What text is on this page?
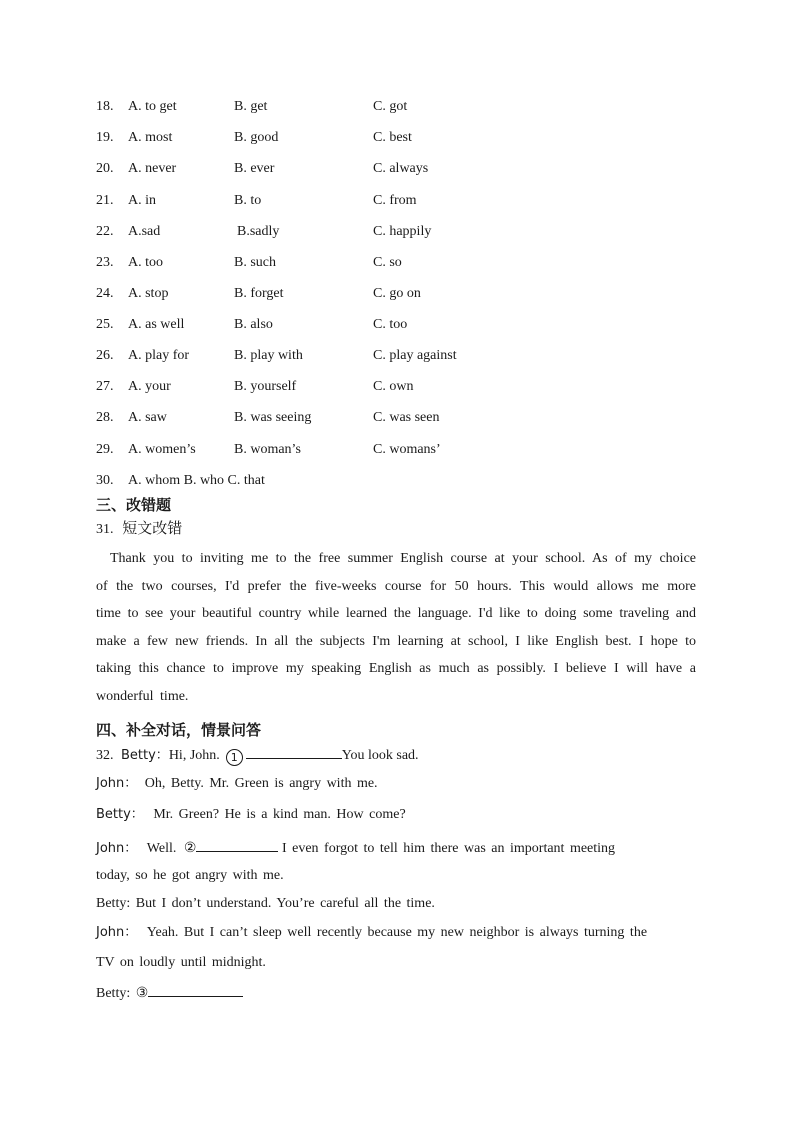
18. A. to get	B. get	C. got
19. A. most	B. good	C. best
20. A. never	B. ever	C. always
21. A. in	B. to	C. from
22. A.sad	B.sadly	C. happily
23. A. too	B. such	C. so
24. A. stop	B. forget	C. go on
25. A. as well	B. also	C. too
26. A. play for	B. play with	C. play against
27. A. your	B. yourself	C. own
28. A. saw	B. was seeing	C. was seen
29. A. women’s	B. woman’s	C. womans’
30. A. whom B. who C. that
三、改错题
31. 短文改错
Thank you to inviting me to the free summer English course at your school. As of my choice of the two courses, I'd prefer the five-weeks course for 50 hours. This would allows me more time to see your beautiful country while learned the language. I'd like to doing some traveling and make a few new friends. In all the subjects I'm learning at school, I like English best. I hope to taking this chance to improve my speaking English as much as possibly. I believe I will have a wonderful time.
四、补全对话，情景问答
32. Betty：Hi, John. 1	You look sad.
John： Oh, Betty. Mr. Green is angry with me.
Betty： Mr. Green? He is a kind man. How come?
John： Well. ②	I even forgot to tell him there was an important meeting
today, so he got angry with me.
Betty: But I don’t understand. You’re careful all the time.
John： Yeah. But I can’t sleep well recently because my new neighbor is always turning the
TV on loudly until midnight.
Betty: ③
